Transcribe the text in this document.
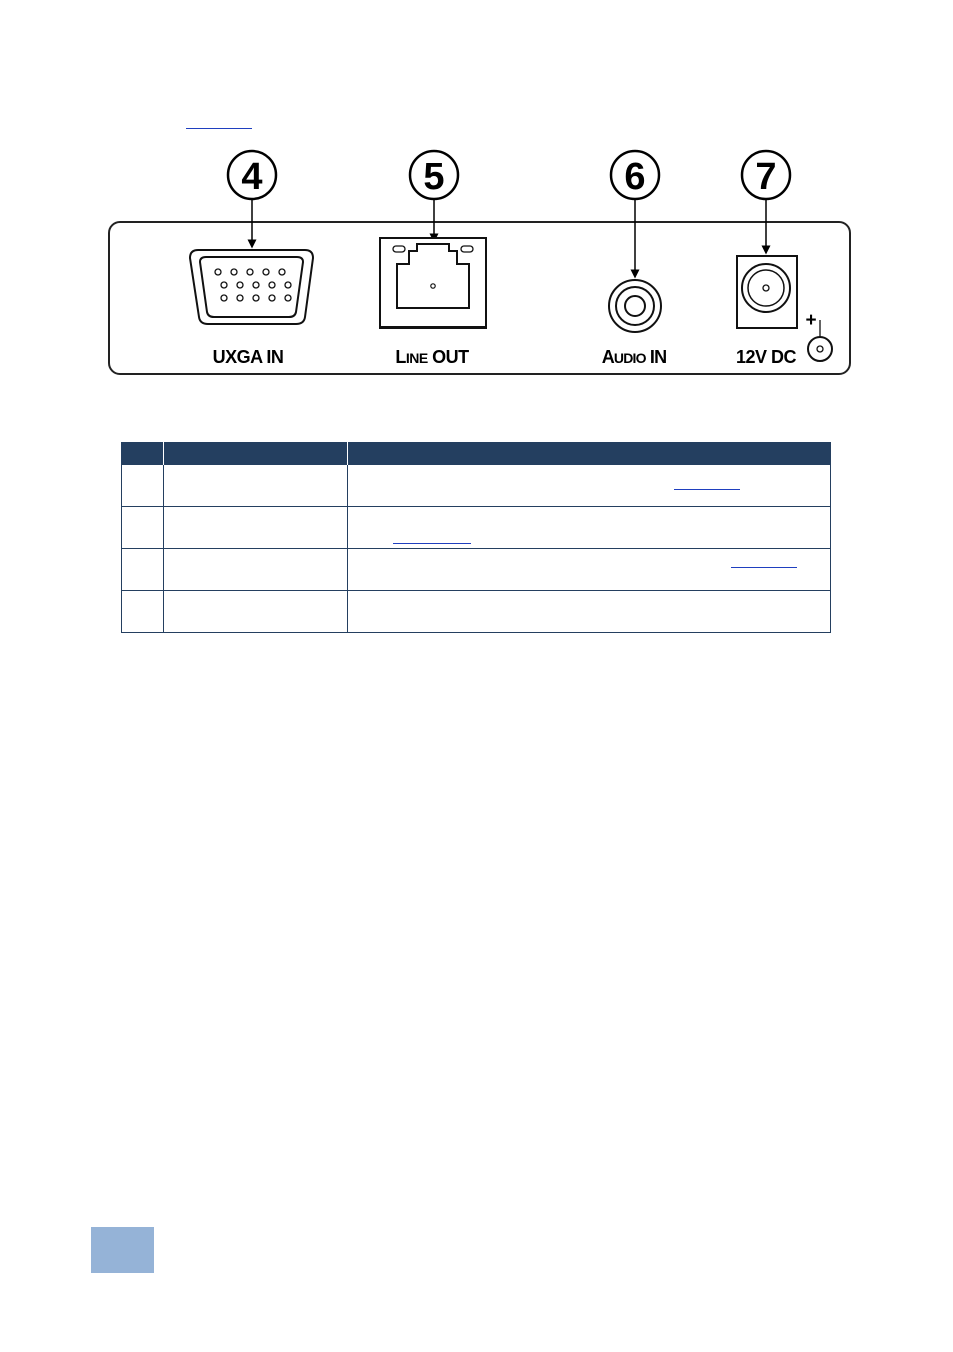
4	5	6	7
+
UXGA IN	LINE OUT	AUDIO IN	12V DC
